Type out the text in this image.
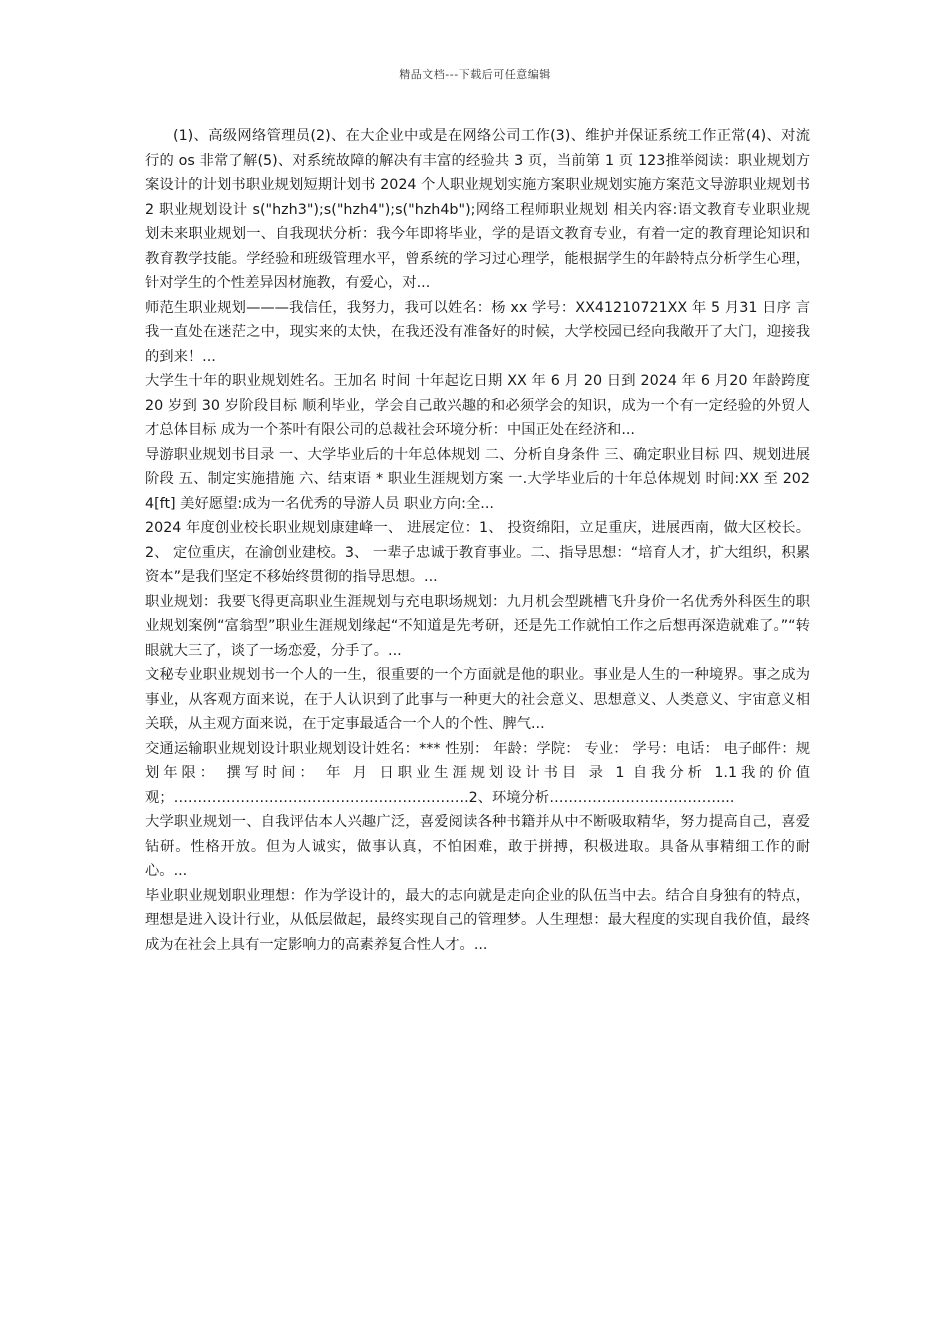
精品文档---下载后可任意编辑

(1)、高级网络管理员(2)、在大企业中或是在网络公司工作(3)、维护并保证系统工作正常(4)、对流行的 os 非常了解(5)、对系统故障的解决有丰富的经验共 3 页，当前第 1 页 123推举阅读：职业规划方案设计的计划书职业规划短期计划书 2024 个人职业规划实施方案职业规划实施方案范文导游职业规划书 2 职业规划设计 s("hzh3");s("hzh4");s("hzh4b");网络工程师职业规划 相关内容:语文教育专业职业规划未来职业规划一、自我现状分析：我今年即将毕业，学的是语文教育专业，有着一定的教育理论知识和教育教学技能。学经验和班级管理水平，曾系统的学习过心理学，能根据学生的年龄特点分析学生心理，针对学生的个性差异因材施教，有爱心，对...

师范生职业规划———我信任，我努力，我可以姓名：杨 xx 学号：XX41210721XX 年 5 月31 日序 言我一直处在迷茫之中，现实来的太快，在我还没有准备好的时候，大学校园已经向我敞开了大门，迎接我的到来！...

大学生十年的职业规划姓名。王加名 时间 十年起讫日期 XX 年 6 月 20 日到 2024 年 6 月20 年龄跨度 20 岁到 30 岁阶段目标 顺利毕业，学会自己敢兴趣的和必须学会的知识，成为一个有一定经验的外贸人才总体目标 成为一个茶叶有限公司的总裁社会环境分析：中国正处在经济和...

导游职业规划书目录 一、大学毕业后的十年总体规划 二、分析自身条件 三、确定职业目标 四、规划进展阶段 五、制定实施措施 六、结束语 * 职业生涯规划方案 一.大学毕业后的十年总体规划 时间:XX 至 2024[ft] 美好愿望:成为一名优秀的导游人员 职业方向:全...

2024 年度创业校长职业规划康建峰一、 进展定位：1、 投资绵阳，立足重庆，进展西南，做大区校长。2、 定位重庆，在渝创业建校。3、 一辈子忠诚于教育事业。二、指导思想：“培育人才，扩大组织，积累资本”是我们坚定不移始终贯彻的指导思想。...

职业规划：我要飞得更高职业生涯规划与充电职场规划：九月机会型跳槽飞升身价一名优秀外科医生的职业规划案例“富翁型”职业生涯规划缘起“不知道是先考研，还是先工作就怕工作之后想再深造就难了。”“转眼就大三了，谈了一场恋爱，分手了。...

文秘专业职业规划书一个人的一生，很重要的一个方面就是他的职业。事业是人生的一种境界。事之成为事业，从客观方面来说，在于人认识到了此事与一种更大的社会意义、思想意义、人类意义、宇宙意义相关联，从主观方面来说，在于定事最适合一个人的个性、脾气...

交通运输职业规划设计职业规划设计姓名：*** 性别： 年龄：学院： 专业： 学号：电话： 电子邮件：规划年限： 撰写时间： 年 月 日职业生涯规划设计书目 录 1 自我分析 1.1我的价值观；……………………………………………………..2、环境分析………………………………...

大学职业规划一、自我评估本人兴趣广泛，喜爱阅读各种书籍并从中不断吸取精华，努力提高自己，喜爱钻研。性格开放。但为人诚实，做事认真，不怕困难，敢于拼搏，积极进取。具备从事精细工作的耐心。...

毕业职业规划职业理想：作为学设计的，最大的志向就是走向企业的队伍当中去。结合自身独有的特点，理想是进入设计行业，从低层做起，最终实现自己的管理梦。人生理想：最大程度的实现自我价值，最终成为在社会上具有一定影响力的高素养复合性人才。...
